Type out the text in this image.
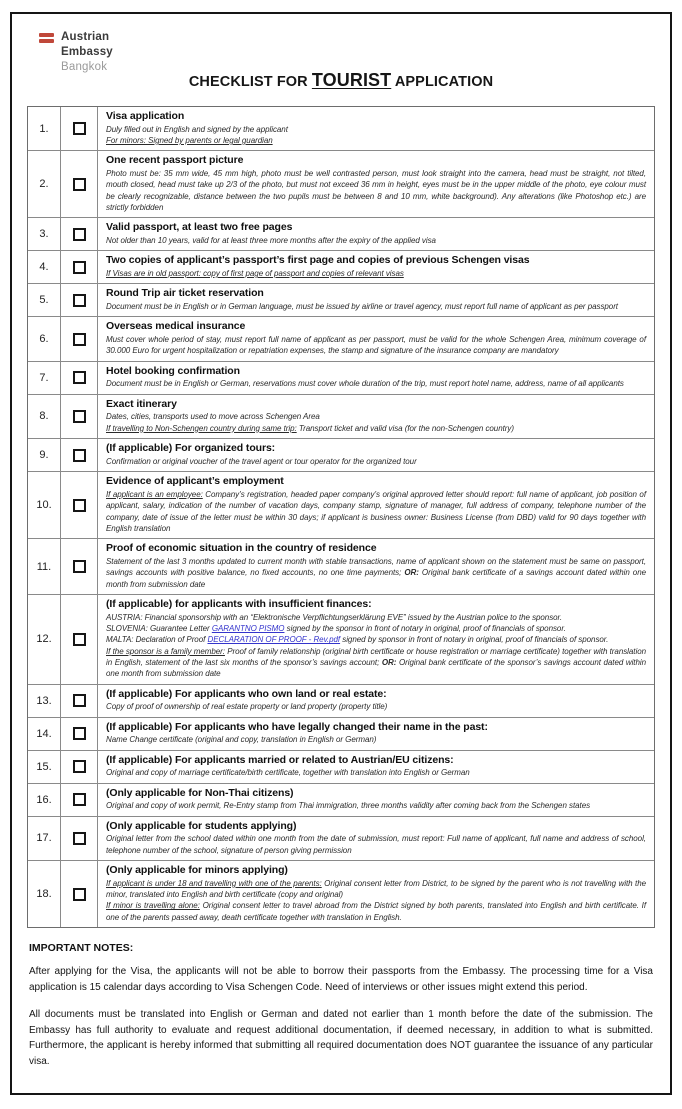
Austrian
Embassy
Bangkok
CHECKLIST FOR TOURIST APPLICATION
1.
Visa application
Duly filled out in English and signed by the applicant
For minors: Signed by parents or legal guardian
2.
One recent passport picture
Photo must be: 35 mm wide, 45 mm high, photo must be well contrasted person, must look straight into the camera, head must be straight, not tilted, mouth closed, head must take up 2/3 of the photo, but must not exceed 36 mm in height, eyes must be in the upper middle of the photo, eye colour must be clearly recognizable, distance between the two pupils must be between 8 and 10 mm, white background). Any alterations (like Photoshop etc.) are strictly forbidden
3.
Valid passport, at least two free pages
Not older than 10 years, valid for at least three more months after the expiry of the applied visa
4.
Two copies of applicant’s passport’s first page and copies of previous Schengen visas
If Visas are in old passport: copy of first page of passport and copies of relevant visas
5.
Round Trip air ticket reservation
Document must be in English or in German language, must be issued by airline or travel agency, must report full name of applicant as per passport
6.
Overseas medical insurance
Must cover whole period of stay, must report full name of applicant as per passport, must be valid for the whole Schengen Area, minimum coverage of 30.000 Euro for urgent hospitalization or repatriation expenses, the stamp and signature of the insurance company are mandatory
7.
Hotel booking confirmation
Document must be in English or German, reservations must cover whole duration of the trip, must report hotel name, address, name of all applicants
8.
Exact itinerary
Dates, cities, transports used to move across Schengen Area
If travelling to Non-Schengen country during same trip: Transport ticket and valid visa (for the non-Schengen country)
9.
(If applicable) For organized tours:
Confirmation or original voucher of the travel agent or tour operator for the organized tour
10.
Evidence of applicant’s employment
If applicant is an employee: Company’s registration, headed paper company’s original approved letter should report: full name of applicant, job position of applicant, salary, indication of the number of vacation days, company stamp, signature of manager, full address of company, telephone number of the company, date of issue of the letter must be within 30 days; if applicant is business owner: Business License (from DBD) valid for 90 days together with English translation
11.
Proof of economic situation in the country of residence
Statement of the last 3 months updated to current month with stable transactions, name of applicant shown on the statement must be same on passport, savings accounts with positive balance, no fixed accounts, no one time payments; OR: Original bank certificate of a savings account dated within one month from submission date
12.
(If applicable) for applicants with insufficient finances:
AUSTRIA: Financial sponsorship with an “Elektronische Verpflichtungserklärung EVE” issued by the Austrian police to the sponsor.
SLOVENIA: Guarantee Letter GARANTNO PISMO signed by the sponsor in front of notary in original, proof of financials of sponsor.
MALTA: Declaration of Proof DECLARATION OF PROOF - Rev.pdf signed by sponsor in front of notary in original, proof of financials of sponsor.
If the sponsor is a family member: Proof of family relationship (original birth certificate or house registration or marriage certificate) together with translation in English, statement of the last six months of the sponsor’s savings account; OR: Original bank certificate of the sponsor’s savings account dated within one month from submission date
13.
(If applicable) For applicants who own land or real estate:
Copy of proof of ownership of real estate property or land property (property title)
14.
(If applicable) For applicants who have legally changed their name in the past:
Name Change certificate (original and copy, translation in English or German)
15.
(If applicable) For applicants married or related to Austrian/EU citizens:
Original and copy of marriage certificate/birth certificate, together with translation into English or German
16.
(Only applicable for Non-Thai citizens)
Original and copy of work permit, Re-Entry stamp from Thai immigration, three months validity after coming back from the Schengen states
17.
(Only applicable for students applying)
Original letter from the school dated within one month from the date of submission, must report: Full name of applicant, full name and address of school, telephone number of the school, signature of person giving permission
18.
(Only applicable for minors applying)
If applicant is under 18 and travelling with one of the parents: Original consent letter from District, to be signed by the parent who is not travelling with the minor, translated into English and birth certificate (copy and original)
If minor is travelling alone: Original consent letter to travel abroad from the District signed by both parents, translated into English and birth certificate. If one of the parents passed away, death certificate together with translation in English.
IMPORTANT NOTES:

After applying for the Visa, the applicants will not be able to borrow their passports from the Embassy. The processing time for a Visa application is 15 calendar days according to Visa Schengen Code. Need of interviews or other issues might extend this period.

All documents must be translated into English or German and dated not earlier than 1 month before the date of the submission. The Embassy has full authority to evaluate and request additional documentation, if deemed necessary, in addition to what is submitted. Furthermore, the applicant is hereby informed that submitting all required documentation does NOT guarantee the issuance of any particular visa.
